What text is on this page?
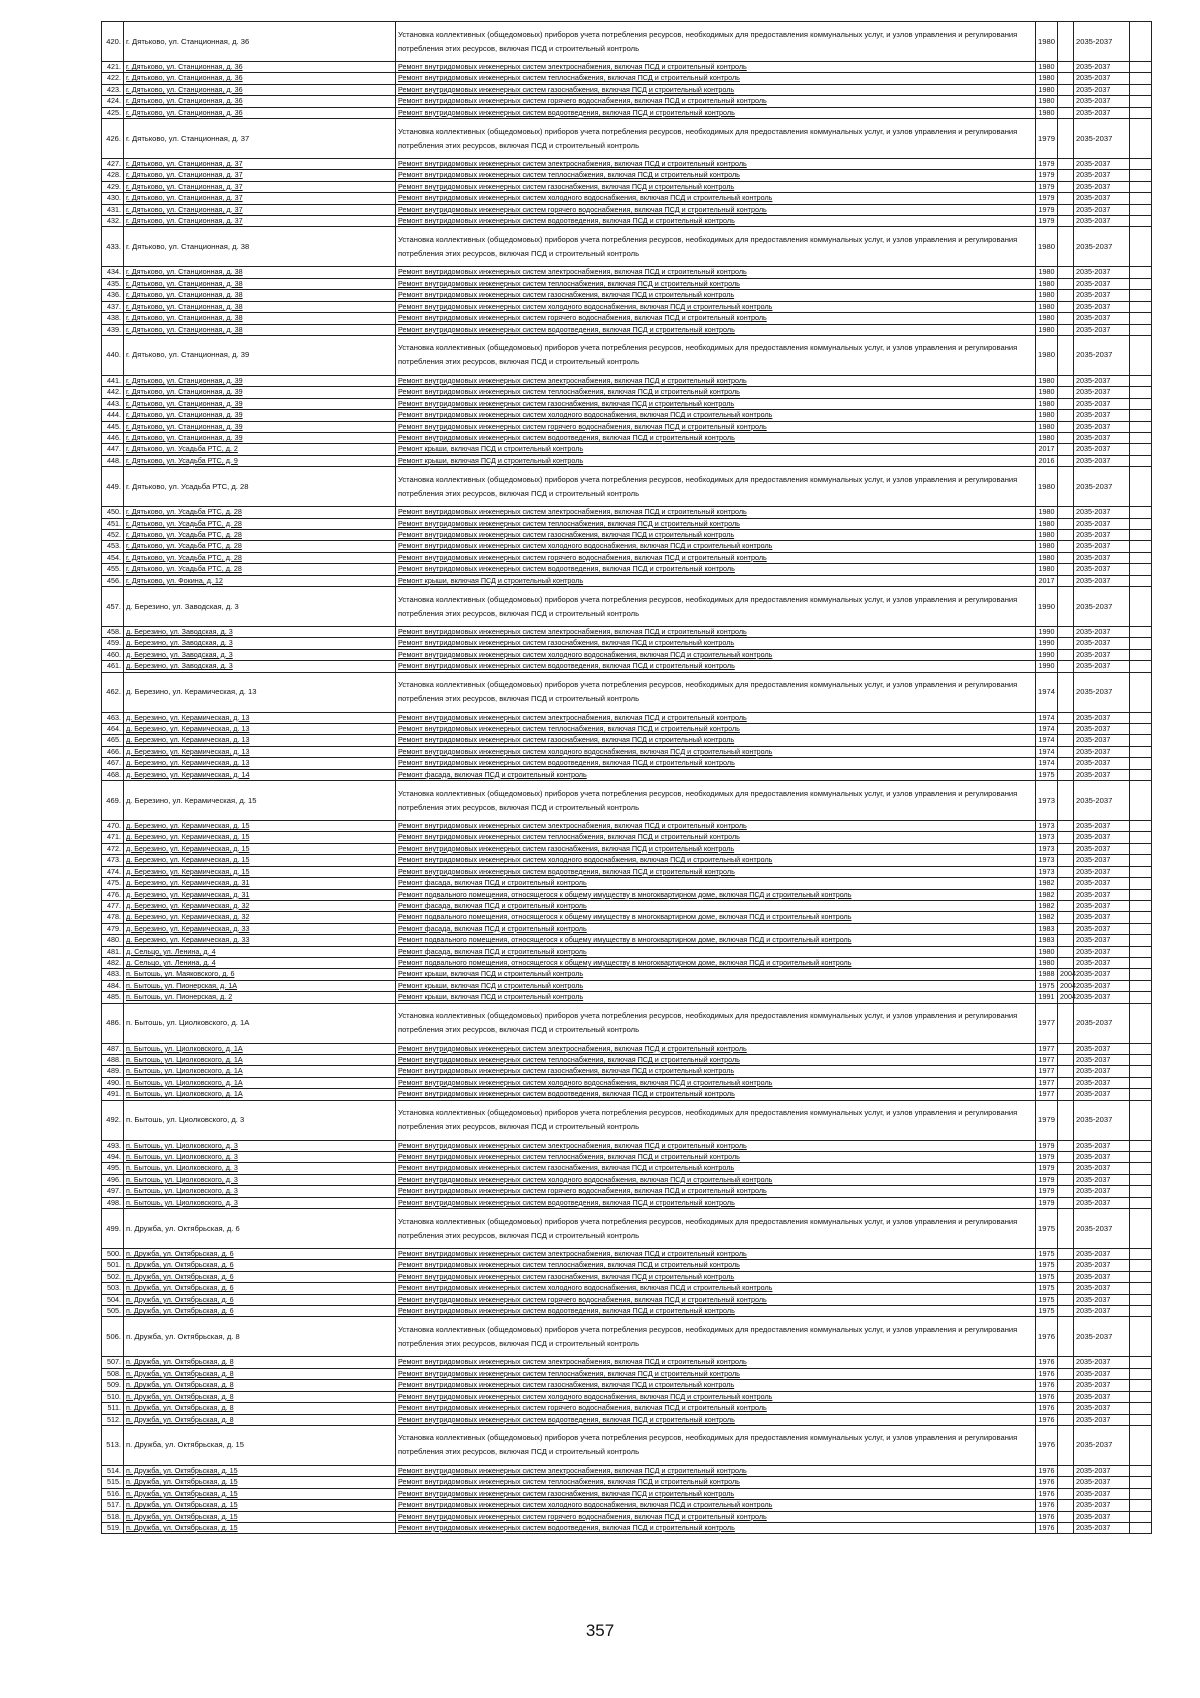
420.	г. Дятьково, ул. Станционная, д. 36	Установка коллективных (общедомовых) приборов учета потребления ресурсов, необходимых для предоставления коммунальных услуг, и узлов управления и регулирования потребления этих ресурсов, включая ПСД и строительный контроль	1980		2035-2037	
421.	г. Дятьково, ул. Станционная, д. 36	Ремонт внутридомовых инженерных систем электроснабжения, включая ПСД и строительный контроль	1980		2035-2037	
422.	г. Дятьково, ул. Станционная, д. 36	Ремонт внутридомовых инженерных систем теплоснабжения, включая ПСД и строительный контроль	1980		2035-2037	
423.	г. Дятьково, ул. Станционная, д. 36	Ремонт внутридомовых инженерных систем газоснабжения, включая ПСД и строительный контроль	1980		2035-2037	
424.	г. Дятьково, ул. Станционная, д. 36	Ремонт внутридомовых инженерных систем горячего водоснабжения, включая ПСД и строительный контроль	1980		2035-2037	
425.	г. Дятьково, ул. Станционная, д. 36	Ремонт внутридомовых инженерных систем водоотведения, включая ПСД и строительный контроль	1980		2035-2037	
426.	г. Дятьково, ул. Станционная, д. 37	Установка коллективных (общедомовых) приборов учета потребления ресурсов, необходимых для предоставления коммунальных услуг, и узлов управления и регулирования потребления этих ресурсов, включая ПСД и строительный контроль	1979		2035-2037	
427.	г. Дятьково, ул. Станционная, д. 37	Ремонт внутридомовых инженерных систем электроснабжения, включая ПСД и строительный контроль	1979		2035-2037	
428.	г. Дятьково, ул. Станционная, д. 37	Ремонт внутридомовых инженерных систем теплоснабжения, включая ПСД и строительный контроль	1979		2035-2037	
429.	г. Дятьково, ул. Станционная, д. 37	Ремонт внутридомовых инженерных систем газоснабжения, включая ПСД и строительный контроль	1979		2035-2037	
430.	г. Дятьково, ул. Станционная, д. 37	Ремонт внутридомовых инженерных систем холодного водоснабжения, включая ПСД и строительный контроль	1979		2035-2037	
431.	г. Дятьково, ул. Станционная, д. 37	Ремонт внутридомовых инженерных систем горячего водоснабжения, включая ПСД и строительный контроль	1979		2035-2037	
432.	г. Дятьково, ул. Станционная, д. 37	Ремонт внутридомовых инженерных систем водоотведения, включая ПСД и строительный контроль	1979		2035-2037	
433.	г. Дятьково, ул. Станционная, д. 38	Установка коллективных (общедомовых) приборов учета потребления ресурсов, необходимых для предоставления коммунальных услуг, и узлов управления и регулирования потребления этих ресурсов, включая ПСД и строительный контроль	1980		2035-2037	
434.	г. Дятьково, ул. Станционная, д. 38	Ремонт внутридомовых инженерных систем электроснабжения, включая ПСД и строительный контроль	1980		2035-2037	
435.	г. Дятьково, ул. Станционная, д. 38	Ремонт внутридомовых инженерных систем теплоснабжения, включая ПСД и строительный контроль	1980		2035-2037	
436.	г. Дятьково, ул. Станционная, д. 38	Ремонт внутридомовых инженерных систем газоснабжения, включая ПСД и строительный контроль	1980		2035-2037	
437.	г. Дятьково, ул. Станционная, д. 38	Ремонт внутридомовых инженерных систем холодного водоснабжения, включая ПСД и строительный контроль	1980		2035-2037	
438.	г. Дятьково, ул. Станционная, д. 38	Ремонт внутридомовых инженерных систем горячего водоснабжения, включая ПСД и строительный контроль	1980		2035-2037	
439.	г. Дятьково, ул. Станционная, д. 38	Ремонт внутридомовых инженерных систем водоотведения, включая ПСД и строительный контроль	1980		2035-2037	
440.	г. Дятьково, ул. Станционная, д. 39	Установка коллективных (общедомовых) приборов учета потребления ресурсов, необходимых для предоставления коммунальных услуг, и узлов управления и регулирования потребления этих ресурсов, включая ПСД и строительный контроль	1980		2035-2037	
441.	г. Дятьково, ул. Станционная, д. 39	Ремонт внутридомовых инженерных систем электроснабжения, включая ПСД и строительный контроль	1980		2035-2037	
442.	г. Дятьково, ул. Станционная, д. 39	Ремонт внутридомовых инженерных систем теплоснабжения, включая ПСД и строительный контроль	1980		2035-2037	
443.	г. Дятьково, ул. Станционная, д. 39	Ремонт внутридомовых инженерных систем газоснабжения, включая ПСД и строительный контроль	1980		2035-2037	
444.	г. Дятьково, ул. Станционная, д. 39	Ремонт внутридомовых инженерных систем холодного водоснабжения, включая ПСД и строительный контроль	1980		2035-2037	
445.	г. Дятьково, ул. Станционная, д. 39	Ремонт внутридомовых инженерных систем горячего водоснабжения, включая ПСД и строительный контроль	1980		2035-2037	
446.	г. Дятьково, ул. Станционная, д. 39	Ремонт внутридомовых инженерных систем водоотведения, включая ПСД и строительный контроль	1980		2035-2037	
447.	г. Дятьково, ул. Усадьба РТС, д. 2	Ремонт крыши, включая ПСД и строительный контроль	2017		2035-2037	
448.	г. Дятьково, ул. Усадьба РТС, д. 9	Ремонт крыши, включая ПСД и строительный контроль	2016		2035-2037	
449.	г. Дятьково, ул. Усадьба РТС, д. 28	Установка коллективных (общедомовых) приборов учета потребления ресурсов, необходимых для предоставления коммунальных услуг, и узлов управления и регулирования потребления этих ресурсов, включая ПСД и строительный контроль	1980		2035-2037	
450.	г. Дятьково, ул. Усадьба РТС, д. 28	Ремонт внутридомовых инженерных систем электроснабжения, включая ПСД и строительный контроль	1980		2035-2037	
451.	г. Дятьково, ул. Усадьба РТС, д. 28	Ремонт внутридомовых инженерных систем теплоснабжения, включая ПСД и строительный контроль	1980		2035-2037	
452.	г. Дятьково, ул. Усадьба РТС, д. 28	Ремонт внутридомовых инженерных систем газоснабжения, включая ПСД и строительный контроль	1980		2035-2037	
453.	г. Дятьково, ул. Усадьба РТС, д. 28	Ремонт внутридомовых инженерных систем холодного водоснабжения, включая ПСД и строительный контроль	1980		2035-2037	
454.	г. Дятьково, ул. Усадьба РТС, д. 28	Ремонт внутридомовых инженерных систем горячего водоснабжения, включая ПСД и строительный контроль	1980		2035-2037	
455.	г. Дятьково, ул. Усадьба РТС, д. 28	Ремонт внутридомовых инженерных систем водоотведения, включая ПСД и строительный контроль	1980		2035-2037	
456.	г. Дятьково, ул. Фокина, д. 12	Ремонт крыши, включая ПСД и строительный контроль	2017		2035-2037	
457.	д. Березино, ул. Заводская, д. 3	Установка коллективных (общедомовых) приборов учета потребления ресурсов, необходимых для предоставления коммунальных услуг, и узлов управления и регулирования потребления этих ресурсов, включая ПСД и строительный контроль	1990		2035-2037	
458.	д. Березино, ул. Заводская, д. 3	Ремонт внутридомовых инженерных систем электроснабжения, включая ПСД и строительный контроль	1990		2035-2037	
459.	д. Березино, ул. Заводская, д. 3	Ремонт внутридомовых инженерных систем газоснабжения, включая ПСД и строительный контроль	1990		2035-2037	
460.	д. Березино, ул. Заводская, д. 3	Ремонт внутридомовых инженерных систем холодного водоснабжения, включая ПСД и строительный контроль	1990		2035-2037	
461.	д. Березино, ул. Заводская, д. 3	Ремонт внутридомовых инженерных систем водоотведения, включая ПСД и строительный контроль	1990		2035-2037	
462.	д. Березино, ул. Керамическая, д. 13	Установка коллективных (общедомовых) приборов учета потребления ресурсов, необходимых для предоставления коммунальных услуг, и узлов управления и регулирования потребления этих ресурсов, включая ПСД и строительный контроль	1974		2035-2037	
463.	д. Березино, ул. Керамическая, д. 13	Ремонт внутридомовых инженерных систем электроснабжения, включая ПСД и строительный контроль	1974		2035-2037	
464.	д. Березино, ул. Керамическая, д. 13	Ремонт внутридомовых инженерных систем теплоснабжения, включая ПСД и строительный контроль	1974		2035-2037	
465.	д. Березино, ул. Керамическая, д. 13	Ремонт внутридомовых инженерных систем газоснабжения, включая ПСД и строительный контроль	1974		2035-2037	
466.	д. Березино, ул. Керамическая, д. 13	Ремонт внутридомовых инженерных систем холодного водоснабжения, включая ПСД и строительный контроль	1974		2035-2037	
467.	д. Березино, ул. Керамическая, д. 13	Ремонт внутридомовых инженерных систем водоотведения, включая ПСД и строительный контроль	1974		2035-2037	
468.	д. Березино, ул. Керамическая, д. 14	Ремонт фасада, включая ПСД и строительный контроль	1975		2035-2037	
469.	д. Березино, ул. Керамическая, д. 15	Установка коллективных (общедомовых) приборов учета потребления ресурсов, необходимых для предоставления коммунальных услуг, и узлов управления и регулирования потребления этих ресурсов, включая ПСД и строительный контроль	1973		2035-2037	
470.	д. Березино, ул. Керамическая, д. 15	Ремонт внутридомовых инженерных систем электроснабжения, включая ПСД и строительный контроль	1973		2035-2037	
471.	д. Березино, ул. Керамическая, д. 15	Ремонт внутридомовых инженерных систем теплоснабжения, включая ПСД и строительный контроль	1973		2035-2037	
472.	д. Березино, ул. Керамическая, д. 15	Ремонт внутридомовых инженерных систем газоснабжения, включая ПСД и строительный контроль	1973		2035-2037	
473.	д. Березино, ул. Керамическая, д. 15	Ремонт внутридомовых инженерных систем холодного водоснабжения, включая ПСД и строительный контроль	1973		2035-2037	
474.	д. Березино, ул. Керамическая, д. 15	Ремонт внутридомовых инженерных систем водоотведения, включая ПСД и строительный контроль	1973		2035-2037	
475.	д. Березино, ул. Керамическая, д. 31	Ремонт фасада, включая ПСД и строительный контроль	1982		2035-2037	
476.	д. Березино, ул. Керамическая, д. 31	Ремонт подвального помещения, относящегося к общему имуществу в многоквартирном доме, включая ПСД и строительный контроль	1982		2035-2037	
477.	д. Березино, ул. Керамическая, д. 32	Ремонт фасада, включая ПСД и строительный контроль	1982		2035-2037	
478.	д. Березино, ул. Керамическая, д. 32	Ремонт подвального помещения, относящегося к общему имуществу в многоквартирном доме, включая ПСД и строительный контроль	1982		2035-2037	
479.	д. Березино, ул. Керамическая, д. 33	Ремонт фасада, включая ПСД и строительный контроль	1983		2035-2037	
480.	д. Березино, ул. Керамическая, д. 33	Ремонт подвального помещения, относящегося к общему имуществу в многоквартирном доме, включая ПСД и строительный контроль	1983		2035-2037	
481.	д. Сельцо, ул. Ленина, д. 4	Ремонт фасада, включая ПСД и строительный контроль	1980		2035-2037	
482.	д. Сельцо, ул. Ленина, д. 4	Ремонт подвального помещения, относящегося к общему имуществу в многоквартирном доме, включая ПСД и строительный контроль	1980		2035-2037	
483.	п. Бытошь, ул. Маяковского, д. 6	Ремонт крыши, включая ПСД и строительный контроль	1988	2004	2035-2037	
484.	п. Бытошь, ул. Пионерская, д. 1А	Ремонт крыши, включая ПСД и строительный контроль	1975	2004	2035-2037	
485.	п. Бытошь, ул. Пионерская, д. 2	Ремонт крыши, включая ПСД и строительный контроль	1991	2004	2035-2037	
486.	п. Бытошь, ул. Циолковского, д. 1А	Установка коллективных (общедомовых) приборов учета потребления ресурсов, необходимых для предоставления коммунальных услуг, и узлов управления и регулирования потребления этих ресурсов, включая ПСД и строительный контроль	1977		2035-2037	
487.	п. Бытошь, ул. Циолковского, д. 1А	Ремонт внутридомовых инженерных систем электроснабжения, включая ПСД и строительный контроль	1977		2035-2037	
488.	п. Бытошь, ул. Циолковского, д. 1А	Ремонт внутридомовых инженерных систем теплоснабжения, включая ПСД и строительный контроль	1977		2035-2037	
489.	п. Бытошь, ул. Циолковского, д. 1А	Ремонт внутридомовых инженерных систем газоснабжения, включая ПСД и строительный контроль	1977		2035-2037	
490.	п. Бытошь, ул. Циолковского, д. 1А	Ремонт внутридомовых инженерных систем холодного водоснабжения, включая ПСД и строительный контроль	1977		2035-2037	
491.	п. Бытошь, ул. Циолковского, д. 1А	Ремонт внутридомовых инженерных систем водоотведения, включая ПСД и строительный контроль	1977		2035-2037	
492.	п. Бытошь, ул. Циолковского, д. 3	Установка коллективных (общедомовых) приборов учета потребления ресурсов, необходимых для предоставления коммунальных услуг, и узлов управления и регулирования потребления этих ресурсов, включая ПСД и строительный контроль	1979		2035-2037	
493.	п. Бытошь, ул. Циолковского, д. 3	Ремонт внутридомовых инженерных систем электроснабжения, включая ПСД и строительный контроль	1979		2035-2037	
494.	п. Бытошь, ул. Циолковского, д. 3	Ремонт внутридомовых инженерных систем теплоснабжения, включая ПСД и строительный контроль	1979		2035-2037	
495.	п. Бытошь, ул. Циолковского, д. 3	Ремонт внутридомовых инженерных систем газоснабжения, включая ПСД и строительный контроль	1979		2035-2037	
496.	п. Бытошь, ул. Циолковского, д. 3	Ремонт внутридомовых инженерных систем холодного водоснабжения, включая ПСД и строительный контроль	1979		2035-2037	
497.	п. Бытошь, ул. Циолковского, д. 3	Ремонт внутридомовых инженерных систем горячего водоснабжения, включая ПСД и строительный контроль	1979		2035-2037	
498.	п. Бытошь, ул. Циолковского, д. 3	Ремонт внутридомовых инженерных систем водоотведения, включая ПСД и строительный контроль	1979		2035-2037	
499.	п. Дружба, ул. Октябрьская, д. 6	Установка коллективных (общедомовых) приборов учета потребления ресурсов, необходимых для предоставления коммунальных услуг, и узлов управления и регулирования потребления этих ресурсов, включая ПСД и строительный контроль	1975		2035-2037	
500.	п. Дружба, ул. Октябрьская, д. 6	Ремонт внутридомовых инженерных систем электроснабжения, включая ПСД и строительный контроль	1975		2035-2037	
501.	п. Дружба, ул. Октябрьская, д. 6	Ремонт внутридомовых инженерных систем теплоснабжения, включая ПСД и строительный контроль	1975		2035-2037	
502.	п. Дружба, ул. Октябрьская, д. 6	Ремонт внутридомовых инженерных систем газоснабжения, включая ПСД и строительный контроль	1975		2035-2037	
503.	п. Дружба, ул. Октябрьская, д. 6	Ремонт внутридомовых инженерных систем холодного водоснабжения, включая ПСД и строительный контроль	1975		2035-2037	
504.	п. Дружба, ул. Октябрьская, д. 6	Ремонт внутридомовых инженерных систем горячего водоснабжения, включая ПСД и строительный контроль	1975		2035-2037	
505.	п. Дружба, ул. Октябрьская, д. 6	Ремонт внутридомовых инженерных систем водоотведения, включая ПСД и строительный контроль	1975		2035-2037	
506.	п. Дружба, ул. Октябрьская, д. 8	Установка коллективных (общедомовых) приборов учета потребления ресурсов, необходимых для предоставления коммунальных услуг, и узлов управления и регулирования потребления этих ресурсов, включая ПСД и строительный контроль	1976		2035-2037	
507.	п. Дружба, ул. Октябрьская, д. 8	Ремонт внутридомовых инженерных систем электроснабжения, включая ПСД и строительный контроль	1976		2035-2037	
508.	п. Дружба, ул. Октябрьская, д. 8	Ремонт внутридомовых инженерных систем теплоснабжения, включая ПСД и строительный контроль	1976		2035-2037	
509.	п. Дружба, ул. Октябрьская, д. 8	Ремонт внутридомовых инженерных систем газоснабжения, включая ПСД и строительный контроль	1976		2035-2037	
510.	п. Дружба, ул. Октябрьская, д. 8	Ремонт внутридомовых инженерных систем холодного водоснабжения, включая ПСД и строительный контроль	1976		2035-2037	
511.	п. Дружба, ул. Октябрьская, д. 8	Ремонт внутридомовых инженерных систем горячего водоснабжения, включая ПСД и строительный контроль	1976		2035-2037	
512.	п. Дружба, ул. Октябрьская, д. 8	Ремонт внутридомовых инженерных систем водоотведения, включая ПСД и строительный контроль	1976		2035-2037	
513.	п. Дружба, ул. Октябрьская, д. 15	Установка коллективных (общедомовых) приборов учета потребления ресурсов, необходимых для предоставления коммунальных услуг, и узлов управления и регулирования потребления этих ресурсов, включая ПСД и строительный контроль	1976		2035-2037	
514.	п. Дружба, ул. Октябрьская, д. 15	Ремонт внутридомовых инженерных систем электроснабжения, включая ПСД и строительный контроль	1976		2035-2037	
515.	п. Дружба, ул. Октябрьская, д. 15	Ремонт внутридомовых инженерных систем теплоснабжения, включая ПСД и строительный контроль	1976		2035-2037	
516.	п. Дружба, ул. Октябрьская, д. 15	Ремонт внутридомовых инженерных систем газоснабжения, включая ПСД и строительный контроль	1976		2035-2037	
517.	п. Дружба, ул. Октябрьская, д. 15	Ремонт внутридомовых инженерных систем холодного водоснабжения, включая ПСД и строительный контроль	1976		2035-2037	
518.	п. Дружба, ул. Октябрьская, д. 15	Ремонт внутридомовых инженерных систем горячего водоснабжения, включая ПСД и строительный контроль	1976		2035-2037	
519.	п. Дружба, ул. Октябрьская, д. 15	Ремонт внутридомовых инженерных систем водоотведения, включая ПСД и строительный контроль	1976		2035-2037	
357
